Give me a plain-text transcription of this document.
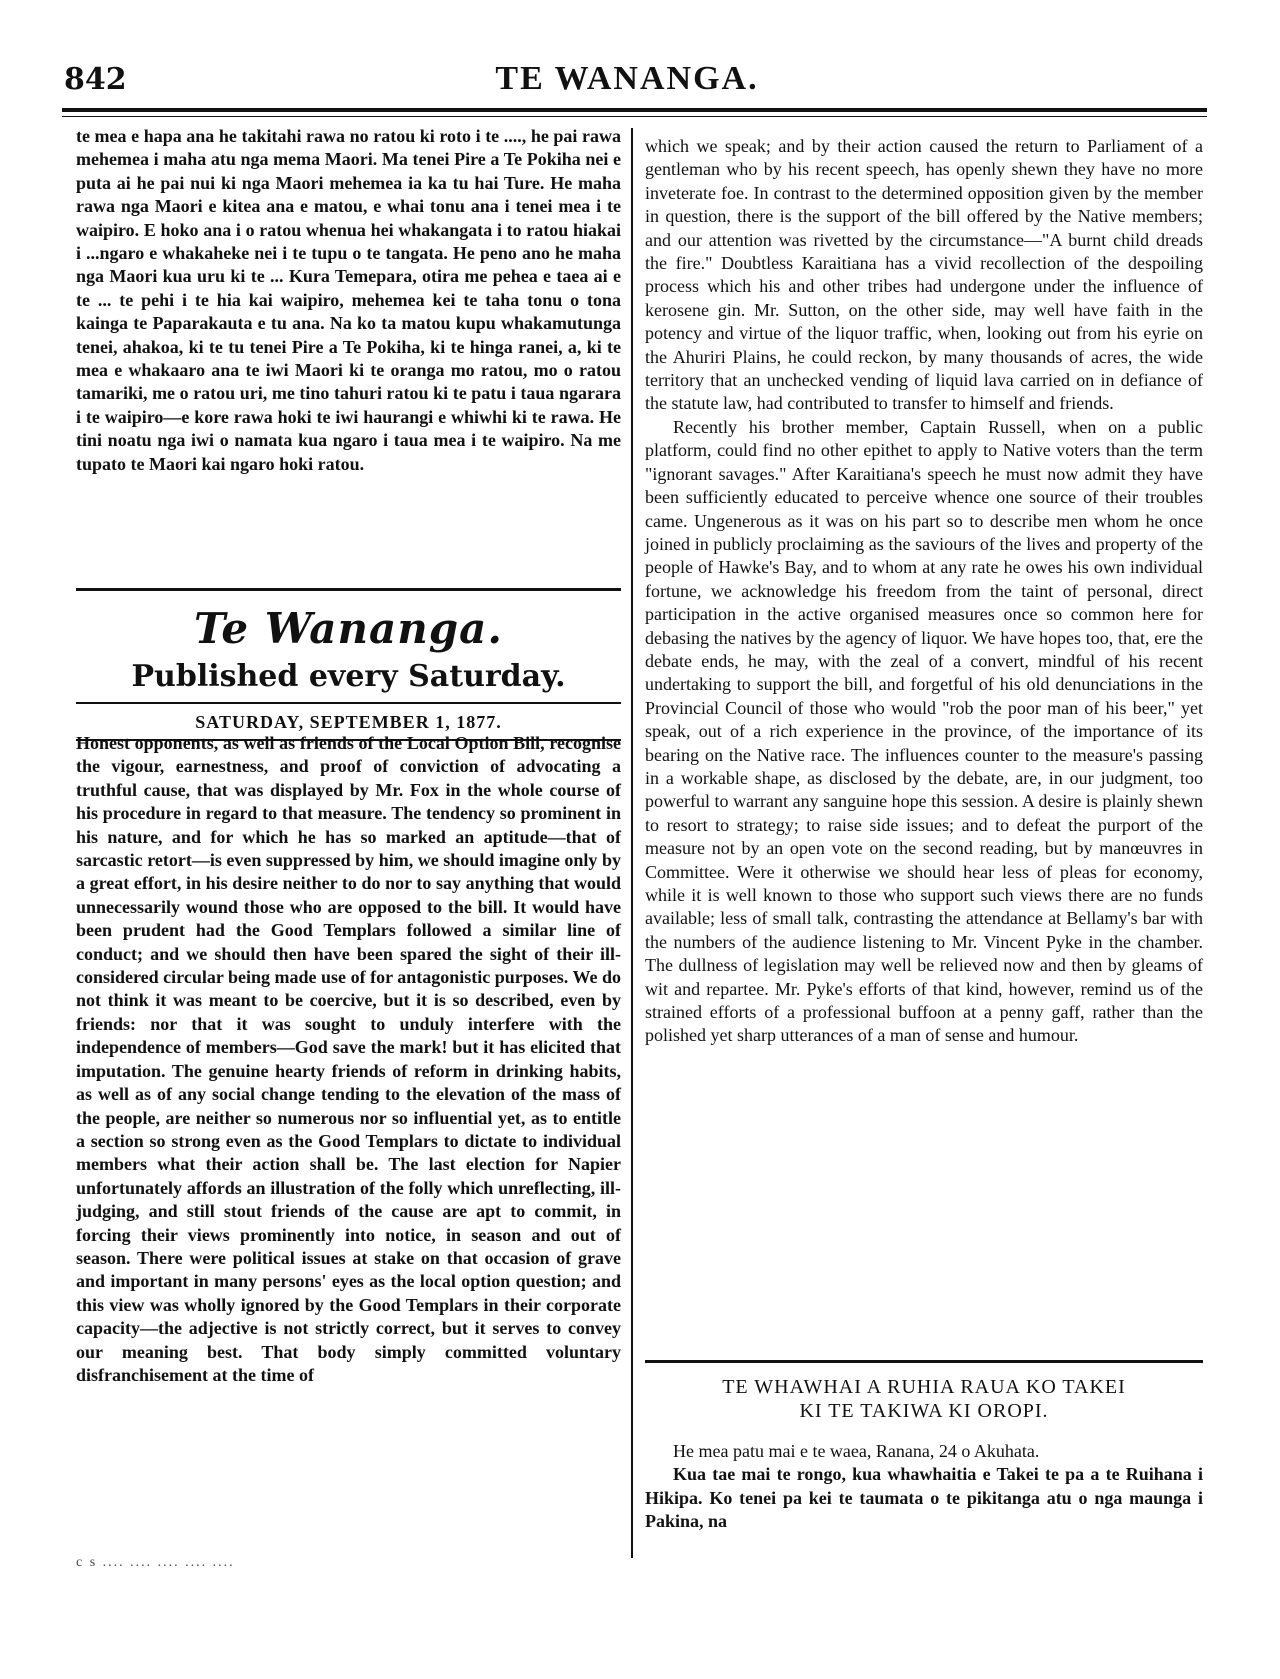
842	TE WANANGA.

te mea e hapa ana he takitahi rawa no ratou ki roto i te ...., he pai rawa mehemea i maha atu nga mema Maori. Ma tenei Pire a Te Pokiha nei e puta ai he pai nui ki nga Maori mehemea ia ka tu hai Ture. He maha rawa nga Maori e kitea ana e matou, e whai tonu ana i tenei mea i te waipiro. E hoko ana i o ratou whenua hei whakangata i to ratou hiakai i ...ngaro e whakaheke nei i te tupu o te tangata. He peno ano he maha nga Maori kua uru ki te ... Kura Temepara, otira me pehea e taea ai e te ... te pehi i te hia kai waipiro, mehemea kei te taha tonu o tona kainga te Paparakauta e tu ana. Na ko ta matou kupu whakamutunga tenei, ahakoa, ki te tu tenei Pire a Te Pokiha, ki te hinga ranei, a, ki te mea e whakaaro ana te iwi Maori ki te oranga mo ratou, mo o ratou tamariki, me o ratou uri, me tino tahuri ratou ki te patu i taua ngarara i te waipiro—e kore rawa hoki te iwi haurangi e whiwhi ki te rawa. He tini noatu nga iwi o namata kua ngaro i taua mea i te waipiro. Na me tupato te Maori kai ngaro hoki ratou.

Te Wananga.
Published every Saturday.
SATURDAY, SEPTEMBER 1, 1877.

Honest opponents, as well as friends of the Local Option Bill, recognise the vigour, earnestness, and proof of conviction of advocating a truthful cause, that was displayed by Mr. Fox in the whole course of his procedure in regard to that measure. The tendency so prominent in his nature, and for which he has so marked an aptitude—that of sarcastic retort—is even suppressed by him, we should imagine only by a great effort, in his desire neither to do nor to say anything that would unnecessarily wound those who are opposed to the bill. It would have been prudent had the Good Templars followed a similar line of conduct; and we should then have been spared the sight of their ill-considered circular being made use of for antagonistic purposes. We do not think it was meant to be coercive, but it is so described, even by friends: nor that it was sought to unduly interfere with the independence of members—God save the mark! but it has elicited that imputation. The genuine hearty friends of reform in drinking habits, as well as of any social change tending to the elevation of the mass of the people, are neither so numerous nor so influential yet, as to entitle a section so strong even as the Good Templars to dictate to individual members what their action shall be. The last election for Napier unfortunately affords an illustration of the folly which unreflecting, ill-judging, and still stout friends of the cause are apt to commit, in forcing their views prominently into notice, in season and out of season. There were political issues at stake on that occasion of grave and important in many persons' eyes as the local option question; and this view was wholly ignored by the Good Templars in their corporate capacity—the adjective is not strictly correct, but it serves to convey our meaning best. That body simply committed voluntary disfranchisement at the time of

c s .... .... .... .... ....

which we speak; and by their action caused the return to Parliament of a gentleman who by his recent speech, has openly shewn they have no more inveterate foe. In contrast to the determined opposition given by the member in question, there is the support of the bill offered by the Native members; and our attention was rivetted by the circumstance—"A burnt child dreads the fire." Doubtless Karaitiana has a vivid recollection of the despoiling process which his and other tribes had undergone under the influence of kerosene gin. Mr. Sutton, on the other side, may well have faith in the potency and virtue of the liquor traffic, when, looking out from his eyrie on the Ahuriri Plains, he could reckon, by many thousands of acres, the wide territory that an unchecked vending of liquid lava carried on in defiance of the statute law, had contributed to transfer to himself and friends.

Recently his brother member, Captain Russell, when on a public platform, could find no other epithet to apply to Native voters than the term "ignorant savages." After Karaitiana's speech he must now admit they have been sufficiently educated to perceive whence one source of their troubles came. Ungenerous as it was on his part so to describe men whom he once joined in publicly proclaiming as the saviours of the lives and property of the people of Hawke's Bay, and to whom at any rate he owes his own individual fortune, we acknowledge his freedom from the taint of personal, direct participation in the active organised measures once so common here for debasing the natives by the agency of liquor. We have hopes too, that, ere the debate ends, he may, with the zeal of a convert, mindful of his recent undertaking to support the bill, and forgetful of his old denunciations in the Provincial Council of those who would "rob the poor man of his beer," yet speak, out of a rich experience in the province, of the importance of its bearing on the Native race. The influences counter to the measure's passing in a workable shape, as disclosed by the debate, are, in our judgment, too powerful to warrant any sanguine hope this session. A desire is plainly shewn to resort to strategy; to raise side issues; and to defeat the purport of the measure not by an open vote on the second reading, but by manœuvres in Committee. Were it otherwise we should hear less of pleas for economy, while it is well known to those who support such views there are no funds available; less of small talk, contrasting the attendance at Bellamy's bar with the numbers of the audience listening to Mr. Vincent Pyke in the chamber. The dullness of legislation may well be relieved now and then by gleams of wit and repartee. Mr. Pyke's efforts of that kind, however, remind us of the strained efforts of a professional buffoon at a penny gaff, rather than the polished yet sharp utterances of a man of sense and humour.

TE WHAWHAI A RUHIA RAUA KO TAKEI
KI TE TAKIWA KI OROPI.

He mea patu mai e te waea, Ranana, 24 o Akuhata.

Kua tae mai te rongo, kua whawhaitia e Takei te pa a te Ruihana i Hikipa. Ko tenei pa kei te taumata o te pikitanga atu o nga maunga i Pakina, na
